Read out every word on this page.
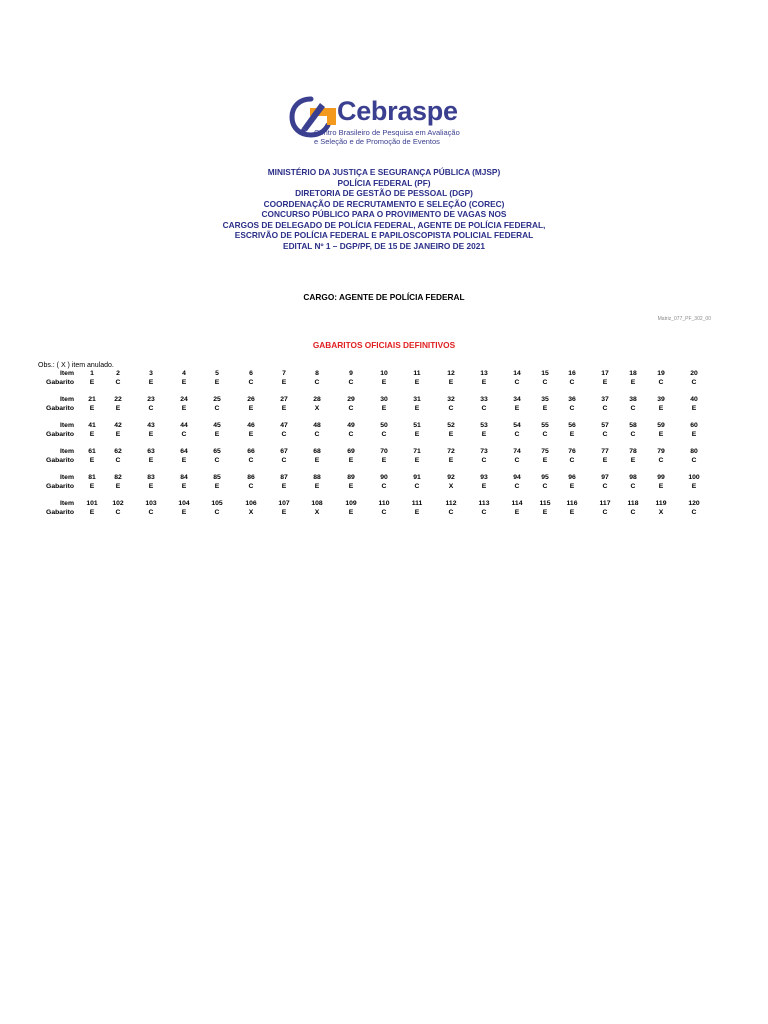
Cebraspe
Centro Brasileiro de Pesquisa em Avaliação
e Seleção e de Promoção de Eventos
MINISTÉRIO DA JUSTIÇA E SEGURANÇA PÚBLICA (MJSP)
POLÍCIA FEDERAL (PF)
DIRETORIA DE GESTÃO DE PESSOAL (DGP)
COORDENAÇÃO DE RECRUTAMENTO E SELEÇÃO (COREC)
CONCURSO PÚBLICO PARA O PROVIMENTO DE VAGAS NOS
CARGOS DE DELEGADO DE POLÍCIA FEDERAL, AGENTE DE POLÍCIA FEDERAL,
ESCRIVÃO DE POLÍCIA FEDERAL E PAPILOSCOPISTA POLICIAL FEDERAL
EDITAL Nº 1 – DGP/PF, DE 15 DE JANEIRO DE 2021
CARGO: AGENTE DE POLÍCIA FEDERAL
Matriz_077_PF_302_00
GABARITOS OFICIAIS DEFINITIVOS
Obs.: ( X ) item anulado.
Item
Gabarito
1
E
2
C
3
E
4
E
5
E
6
C
7
E
8
C
9
C
10
E
11
E
12
E
13
E
14
C
15
C
16
C
17
E
18
E
19
C
20
C
Item
Gabarito
21
E
22
E
23
C
24
E
25
C
26
E
27
E
28
X
29
C
30
E
31
E
32
C
33
C
34
E
35
E
36
C
37
C
38
C
39
E
40
E
Item
Gabarito
41
E
42
E
43
E
44
C
45
E
46
E
47
C
48
C
49
C
50
C
51
E
52
E
53
E
54
C
55
C
56
E
57
C
58
C
59
E
60
E
Item
Gabarito
61
E
62
C
63
E
64
E
65
C
66
C
67
C
68
E
69
E
70
E
71
E
72
E
73
C
74
C
75
E
76
C
77
E
78
E
79
C
80
C
Item
Gabarito
81
E
82
E
83
E
84
E
85
E
86
C
87
E
88
E
89
E
90
C
91
C
92
X
93
E
94
C
95
C
96
E
97
C
98
C
99
E
100
E
Item
Gabarito
101
E
102
C
103
C
104
E
105
C
106
X
107
E
108
X
109
E
110
C
111
E
112
C
113
C
114
E
115
E
116
E
117
C
118
C
119
X
120
C
